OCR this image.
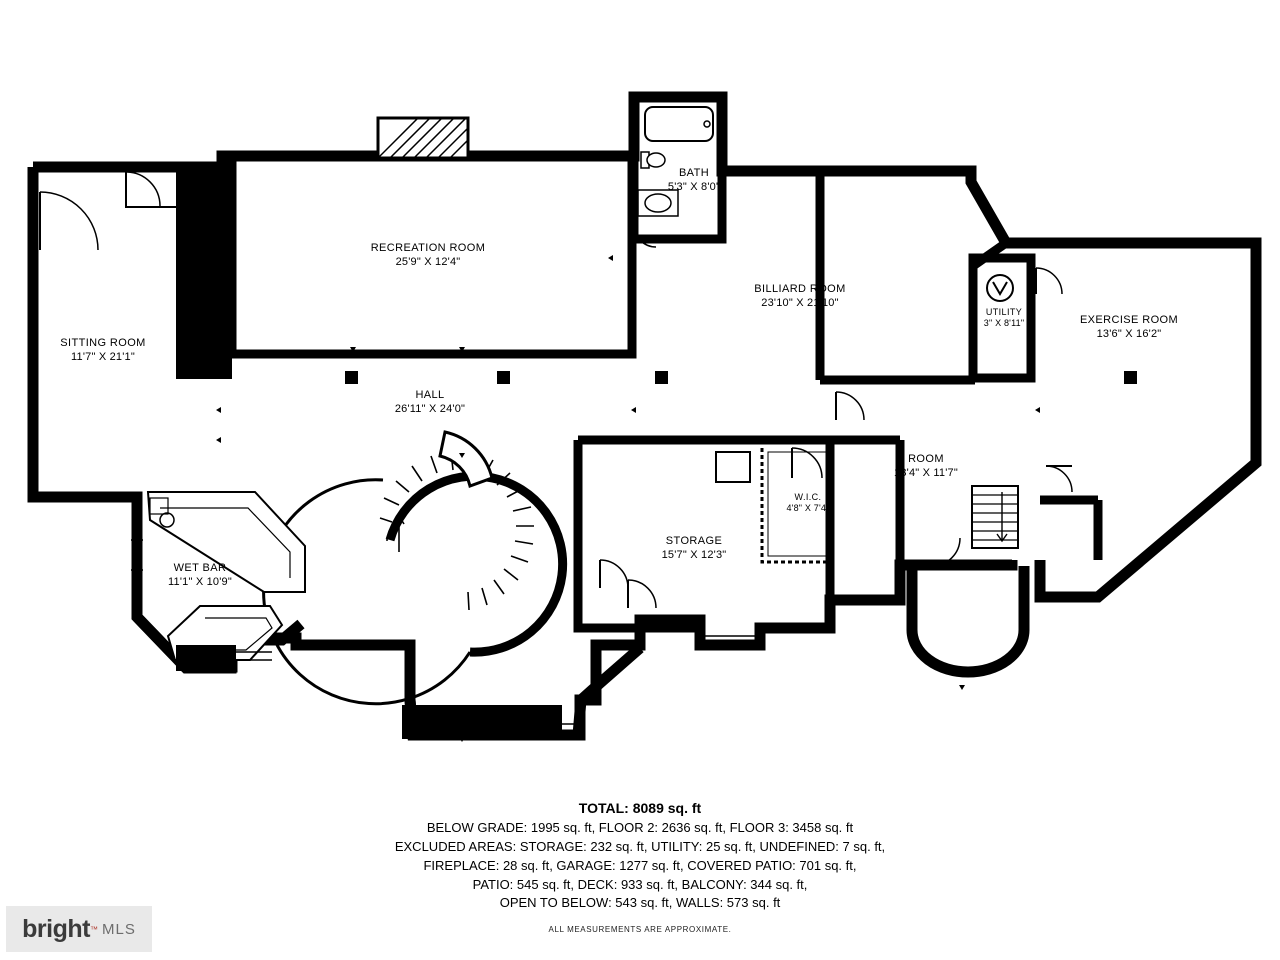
SITTING ROOM
11'7" X 21'1"
RECREATION ROOM
25'9" X 12'4"
BATH
5'3" X 8'0"
BILLIARD ROOM
23'10" X 21'10"
UTILITY
3" X 8'11"	EXERCISE ROOM
13'6" X 16'2"
HALL
26'11" X 24'0"
ROOM
13'4" X 11'7"
W.I.C.
4'8" X 7'4"
STORAGE
15'7" X 12'3"
WET BAR
11'1" X 10'9"
TOTAL: 8089 sq. ft
BELOW GRADE: 1995 sq. ft, FLOOR 2: 2636 sq. ft, FLOOR 3: 3458 sq. ft
EXCLUDED AREAS: STORAGE: 232 sq. ft, UTILITY: 25 sq. ft, UNDEFINED: 7 sq. ft,
FIREPLACE: 28 sq. ft, GARAGE: 1277 sq. ft, COVERED PATIO: 701 sq. ft,
PATIO: 545 sq. ft, DECK: 933 sq. ft, BALCONY: 344 sq. ft,
OPEN TO BELOW: 543 sq. ft, WALLS: 573 sq. ft
ALL MEASUREMENTS ARE APPROXIMATE.
bright ™ MLS
